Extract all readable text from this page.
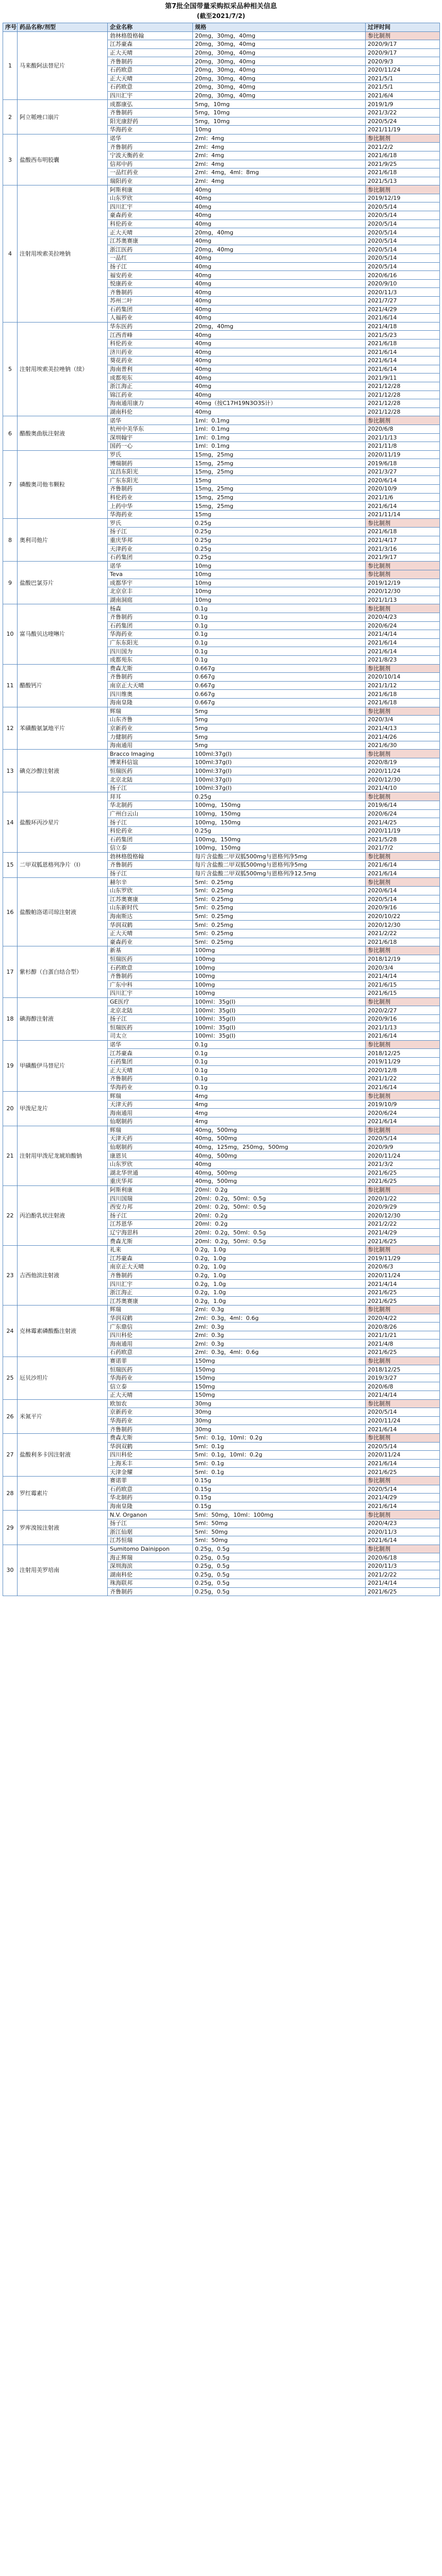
第7批全国带量采购拟采品种相关信息
(截至2021/7/2)
序号	药品名称/剂型	企业名称	规格	过评时间
1	马来酸阿法替尼片	勃林格殷格翰	20mg，30mg，40mg	参比制剂
		江苏豪森	20mg，30mg，40mg	2020/9/17
		正大天晴	20mg，30mg，40mg	2020/9/17
		齐鲁制药	20mg，30mg，40mg	2020/9/3
		石药欧意	20mg，30mg，40mg	2020/11/24
		正大天晴	20mg，30mg，40mg	2021/5/1
		石药欧意	20mg，30mg，40mg	2021/5/1
		四川汇宇	20mg，30mg，40mg	2021/6/4
2	阿立哌唑口崩片	成都康弘	5mg，10mg	2019/1/9
		齐鲁制药	5mg，10mg	2021/3/22
		阳光康舒药	5mg，10mg	2020/5/24
		华海药业	10mg	2021/11/19
3	盐酸西布明胶囊	诺华	2ml：4mg	参比制剂
		齐鲁制药	2ml：4mg	2021/2/2
		宁波天衡药业	2ml：4mg	2021/6/18
		信邦中药	2ml：4mg	2021/9/25
		一品红药业	2ml：4mg，4ml：8mg	2021/6/18
		瑞阳药业	2ml：4mg	2021/5/13
4	注射用埃索美拉唑钠	阿斯利康	40mg	参比制剂
		山东罗欣	40mg	2019/12/19
		四川汇宇	40mg	2020/5/14
		豪森药业	40mg	2020/5/14
		科伦药业	40mg	2020/5/14
		正大天晴	20mg，40mg	2020/5/14
		江苏奥赛康	40mg	2020/5/14
		浙江医药	20mg，40mg	2020/5/14
		一品红	40mg	2020/5/14
		扬子江	40mg	2020/5/14
		福安药业	40mg	2020/6/16
		悦康药业	40mg	2020/9/10
		齐鲁制药	40mg	2020/11/3
		苏州二叶	40mg	2021/7/27
		石药集团	40mg	2021/4/29
		人福药业	40mg	2021/6/14
5	注射用埃索美拉唑钠（续）	华东医药	20mg，40mg	2021/4/18
		江西青峰	40mg	2021/5/23
		科伦药业	40mg	2021/6/18
		济川药业	40mg	2021/6/14
		葵花药业	40mg	2021/6/14
		海南普利	40mg	2021/6/14
		成都苑东	40mg	2021/9/11
		浙江海正	40mg	2021/12/28
		锦江药业	40mg	2021/12/28
		海南通用康力	40mg（按C17H19N3O3S计）	2021/12/28
		湖南科伦	40mg	2021/12/28
6	醋酸奥曲肽注射液	诺华	1ml：0.1mg	参比制剂
		杭州中美华东	1ml：0.1mg	2020/6/8
		深圳翰宇	1ml：0.1mg	2021/1/13
		国药一心	1ml：0.1mg	2021/11/8
7	磷酸奥司他韦颗粒	罗氏	15mg，25mg	2020/11/19
		博瑞制药	15mg，25mg	2019/6/18
		宜昌东阳光	15mg，25mg	2021/3/27
		广东东阳光	15mg	2020/6/14
		齐鲁制药	15mg，25mg	2020/10/9
		科伦药业	15mg，25mg	2021/1/6
		上药中华	15mg，25mg	2021/6/14
		华海药业	15mg	2021/11/14
8	奥利司他片	罗氏	0.25g	参比制剂
		扬子江	0.25g	2021/6/18
		重庆华邦	0.25g	2021/4/17
		天津药业	0.25g	2021/3/16
		石药集团	0.25g	2021/9/17
9	盐酸巴氯芬片	诺华	10mg	参比制剂
		Teva	10mg	参比制剂
		成都华宇	10mg	2019/12/19
		北京京丰	10mg	2020/12/30
		湖南洞庭	10mg	2021/1/13
10	富马酸贝达喹啉片	杨森	0.1g	参比制剂
		齐鲁制药	0.1g	2020/4/23
		石药集团	0.1g	2020/6/24
		华海药业	0.1g	2021/4/14
		广东东阳光	0.1g	2021/6/14
		四川国为	0.1g	2021/6/14
		成都苑东	0.1g	2021/8/23
11	醋酸钙片	费森尤斯	0.667g	参比制剂
		齐鲁制药	0.667g	2020/10/14
		南京正大天晴	0.667g	2021/1/12
		四川维奥	0.667g	2021/6/18
		海南皇隆	0.667g	2021/6/18
12	苯磺酸氨氯地平片	辉瑞	5mg	参比制剂
		山东齐鲁	5mg	2020/3/4
		京新药业	5mg	2021/4/13
		力健制药	5mg	2021/4/26
		海南通用	5mg	2021/6/30
13	碘克沙醇注射液	Bracco Imaging	100ml:37g(I)	参比制剂
		博莱科信谊	100ml:37g(I)	2020/8/19
		恒瑞医药	100ml:37g(I)	2020/11/24
		北京北陆	100ml:37g(I)	2020/12/30
		扬子江	100ml:37g(I)	2021/4/10
14	盐酸环丙沙星片	拜耳	0.25g	参比制剂
		华北制药	100mg，150mg	2019/6/14
		广州白云山	100mg，150mg	2020/6/24
		扬子江	100mg，150mg	2021/4/25
		科伦药业	0.25g	2020/11/19
		石药集团	100mg，150mg	2021/5/28
		信立泰	100mg，150mg	2021/7/2
15	二甲双胍恩格列净片（Ⅰ）	勃林格殷格翰	每片含盐酸二甲双胍500mg与恩格列净5mg	参比制剂
		齐鲁制药	每片含盐酸二甲双胍500mg与恩格列净5mg	2021/6/14
		扬子江	每片含盐酸二甲双胍500mg与恩格列净12.5mg	2021/6/14
16	盐酸帕洛诺司琼注射液	赫尔辛	5ml：0.25mg	参比制剂
		山东罗欣	5ml：0.25mg	2020/6/14
		江苏奥赛康	5ml：0.25mg	2020/5/14
		山东新时代	5ml：0.25mg	2020/9/16
		海南斯达	5ml：0.25mg	2020/10/22
		华润双鹤	5ml：0.25mg	2020/12/30
		正大天晴	5ml：0.25mg	2021/2/22
		豪森药业	5ml：0.25mg	2021/6/18
17	紫杉醇（白蛋白结合型）	新基	100mg	参比制剂
		恒瑞医药	100mg	2018/12/19
		石药欧意	100mg	2020/3/4
		齐鲁制药	100mg	2021/4/14
		广东中科	100mg	2021/6/15
		四川汇宇	100mg	2021/6/15
18	碘海醇注射液	GE医疗	100ml：35g(I)	参比制剂
		北京北陆	100ml：35g(I)	2020/2/27
		扬子江	100ml：35g(I)	2020/9/16
		恒瑞医药	100ml：35g(I)	2021/1/13
		司太立	100ml：35g(I)	2021/6/14
19	甲磺酸伊马替尼片	诺华	0.1g	参比制剂
		江苏豪森	0.1g	2018/12/25
		石药集团	0.1g	2019/11/29
		正大天晴	0.1g	2020/12/8
		齐鲁制药	0.1g	2021/1/22
		华海药业	0.1g	2021/6/14
20	甲泼尼龙片	辉瑞	4mg	参比制剂
		天津天药	4mg	2019/10/9
		海南通用	4mg	2020/6/24
		仙琚制药	4mg	2021/6/14
21	注射用甲泼尼龙琥珀酸钠	辉瑞	40mg，500mg	参比制剂
		天津天药	40mg，500mg	2020/5/14
		仙琚制药	40mg，125mg，250mg，500mg	2020/9/9
		康恩贝	40mg，500mg	2020/11/24
		山东罗欣	40mg	2021/3/2
		湖北华世通	40mg，500mg	2021/6/25
		重庆华邦	40mg，500mg	2021/6/25
22	丙泊酚乳状注射液	阿斯利康	20ml：0.2g	参比制剂
		四川国瑞	20ml：0.2g，50ml：0.5g	2020/1/22
		西安力邦	20ml：0.2g，50ml：0.5g	2020/9/29
		扬子江	20ml：0.2g	2020/12/30
		江苏恩华	20ml：0.2g	2021/2/22
		辽宁海思科	20ml：0.2g，50ml：0.5g	2021/4/29
		费森尤斯	20ml：0.2g，50ml：0.5g	2021/6/25
23	吉西他滨注射液	礼来	0.2g，1.0g	参比制剂
		江苏豪森	0.2g，1.0g	2019/11/29
		南京正大天晴	0.2g，1.0g	2020/6/3
		齐鲁制药	0.2g，1.0g	2020/11/24
		四川汇宇	0.2g，1.0g	2021/4/14
		浙江海正	0.2g，1.0g	2021/6/25
		江苏奥赛康	0.2g，1.0g	2021/6/25
24	克林霉素磷酸酯注射液	辉瑞	2ml：0.3g	参比制剂
		华润双鹤	2ml：0.3g，4ml：0.6g	2020/4/22
		广东鼎信	2ml：0.3g	2020/8/26
		四川科伦	2ml：0.3g	2021/1/21
		海南通用	2ml：0.3g	2021/4/8
		石药欧意	2ml：0.3g，4ml：0.6g	2021/6/25
25	厄贝沙坦片	赛诺菲	150mg	参比制剂
		恒瑞医药	150mg	2018/12/25
		华海药业	150mg	2019/3/27
		信立泰	150mg	2020/6/8
		正大天晴	150mg	2021/4/14
26	米氮平片	欧加农	30mg	参比制剂
		京新药业	30mg	2020/5/14
		华海药业	30mg	2020/11/24
		齐鲁制药	30mg	2021/6/14
27	盐酸利多卡因注射液	费森尤斯	5ml：0.1g，10ml：0.2g	参比制剂
		华润双鹤	5ml：0.1g	2020/5/14
		四川科伦	5ml：0.1g，10ml：0.2g	2020/11/24
		上海禾丰	5ml：0.1g	2021/6/14
		天津金耀	5ml：0.1g	2021/6/25
28	罗红霉素片	赛诺菲	0.15g	参比制剂
		石药欧意	0.15g	2020/5/14
		华北制药	0.15g	2021/4/29
		海南皇隆	0.15g	2021/6/14
29	罗库溴铵注射液	N.V. Organon	5ml：50mg，10ml：100mg	参比制剂
		扬子江	5ml：50mg	2020/4/23
		浙江仙琚	5ml：50mg	2020/11/3
		江苏恒瑞	5ml：50mg	2021/6/14
30	注射用美罗培南	Sumitomo Dainippon	0.25g，0.5g	参比制剂
		海正辉瑞	0.25g，0.5g	2020/6/18
		深圳海滨	0.25g，0.5g	2020/11/3
		湖南科伦	0.25g，0.5g	2021/2/22
		珠海联邦	0.25g，0.5g	2021/4/14
		齐鲁制药	0.25g，0.5g	2021/6/25
